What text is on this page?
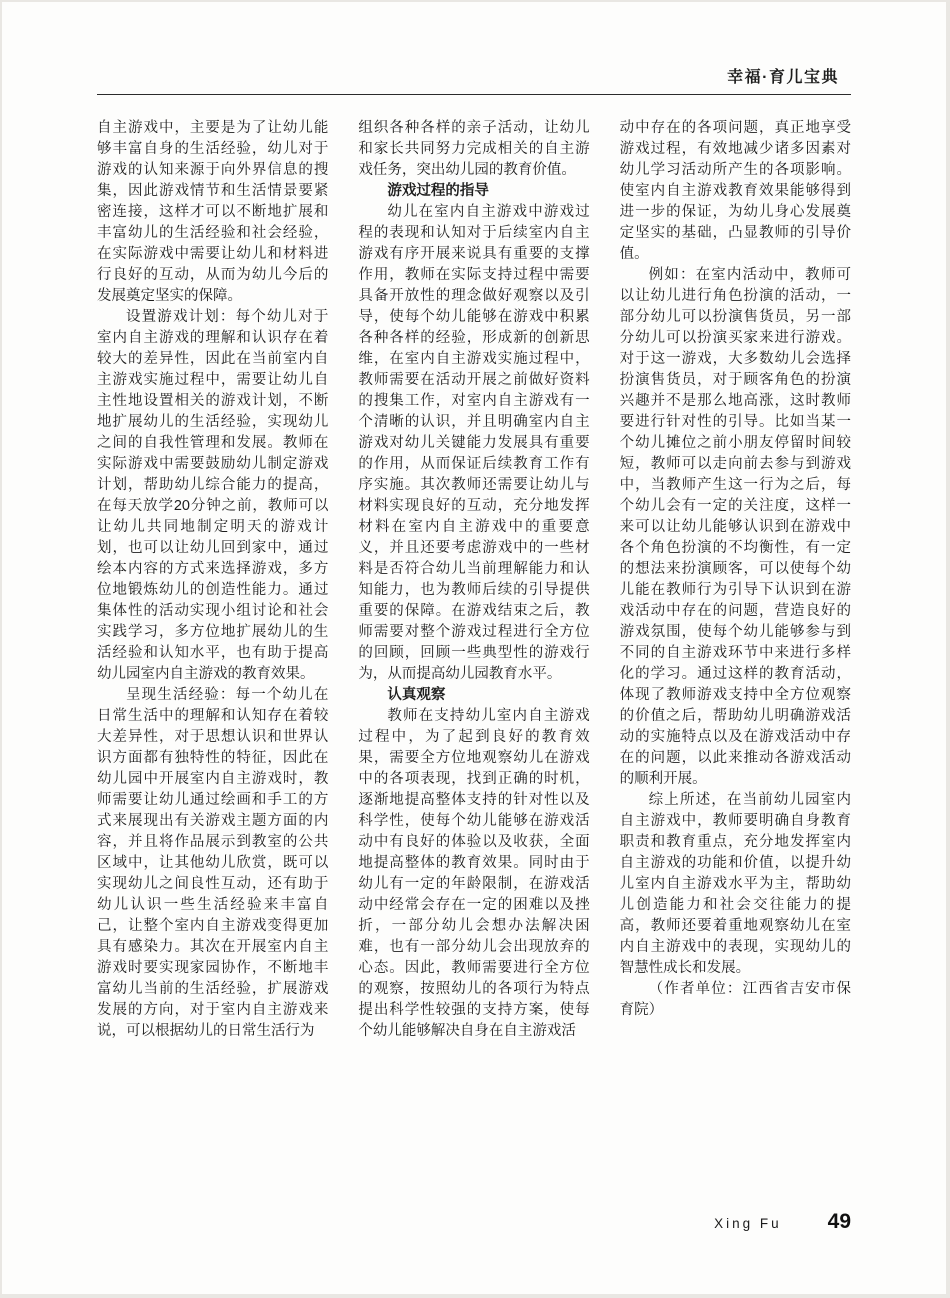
幸福·育儿宝典

自主游戏中，主要是为了让幼儿能够丰富自身的生活经验，幼儿对于游戏的认知来源于向外界信息的搜集，因此游戏情节和生活情景要紧密连接，这样才可以不断地扩展和丰富幼儿的生活经验和社会经验，在实际游戏中需要让幼儿和材料进行良好的互动，从而为幼儿今后的发展奠定坚实的保障。

设置游戏计划：每个幼儿对于室内自主游戏的理解和认识存在着较大的差异性，因此在当前室内自主游戏实施过程中，需要让幼儿自主性地设置相关的游戏计划，不断地扩展幼儿的生活经验，实现幼儿之间的自我性管理和发展。教师在实际游戏中需要鼓励幼儿制定游戏计划，帮助幼儿综合能力的提高，在每天放学20分钟之前，教师可以让幼儿共同地制定明天的游戏计划，也可以让幼儿回到家中，通过绘本内容的方式来选择游戏，多方位地锻炼幼儿的创造性能力。通过集体性的活动实现小组讨论和社会实践学习，多方位地扩展幼儿的生活经验和认知水平，也有助于提高幼儿园室内自主游戏的教育效果。

呈现生活经验：每一个幼儿在日常生活中的理解和认知存在着较大差异性，对于思想认识和世界认识方面都有独特性的特征，因此在幼儿园中开展室内自主游戏时，教师需要让幼儿通过绘画和手工的方式来展现出有关游戏主题方面的内容，并且将作品展示到教室的公共区域中，让其他幼儿欣赏，既可以实现幼儿之间良性互动，还有助于幼儿认识一些生活经验来丰富自己，让整个室内自主游戏变得更加具有感染力。其次在开展室内自主游戏时要实现家园协作，不断地丰富幼儿当前的生活经验，扩展游戏发展的方向，对于室内自主游戏来说，可以根据幼儿的日常生活行为

组织各种各样的亲子活动，让幼儿和家长共同努力完成相关的自主游戏任务，突出幼儿园的教育价值。

游戏过程的指导

幼儿在室内自主游戏中游戏过程的表现和认知对于后续室内自主游戏有序开展来说具有重要的支撑作用，教师在实际支持过程中需要具备开放性的理念做好观察以及引导，使每个幼儿能够在游戏中积累各种各样的经验，形成新的创新思维，在室内自主游戏实施过程中，教师需要在活动开展之前做好资料的搜集工作，对室内自主游戏有一个清晰的认识，并且明确室内自主游戏对幼儿关键能力发展具有重要的作用，从而保证后续教育工作有序实施。其次教师还需要让幼儿与材料实现良好的互动，充分地发挥材料在室内自主游戏中的重要意义，并且还要考虑游戏中的一些材料是否符合幼儿当前理解能力和认知能力，也为教师后续的引导提供重要的保障。在游戏结束之后，教师需要对整个游戏过程进行全方位的回顾，回顾一些典型性的游戏行为，从而提高幼儿园教育水平。

认真观察

教师在支持幼儿室内自主游戏过程中，为了起到良好的教育效果，需要全方位地观察幼儿在游戏中的各项表现，找到正确的时机，逐渐地提高整体支持的针对性以及科学性，使每个幼儿能够在游戏活动中有良好的体验以及收获，全面地提高整体的教育效果。同时由于幼儿有一定的年龄限制，在游戏活动中经常会存在一定的困难以及挫折，一部分幼儿会想办法解决困难，也有一部分幼儿会出现放弃的心态。因此，教师需要进行全方位的观察，按照幼儿的各项行为特点提出科学性较强的支持方案，使每个幼儿能够解决自身在自主游戏活

动中存在的各项问题，真正地享受游戏过程，有效地减少诸多因素对幼儿学习活动所产生的各项影响。使室内自主游戏教育效果能够得到进一步的保证，为幼儿身心发展奠定坚实的基础，凸显教师的引导价值。

例如：在室内活动中，教师可以让幼儿进行角色扮演的活动，一部分幼儿可以扮演售货员，另一部分幼儿可以扮演买家来进行游戏。对于这一游戏，大多数幼儿会选择扮演售货员，对于顾客角色的扮演兴趣并不是那么地高涨，这时教师要进行针对性的引导。比如当某一个幼儿摊位之前小朋友停留时间较短，教师可以走向前去参与到游戏中，当教师产生这一行为之后，每个幼儿会有一定的关注度，这样一来可以让幼儿能够认识到在游戏中各个角色扮演的不均衡性，有一定的想法来扮演顾客，可以使每个幼儿能在教师行为引导下认识到在游戏活动中存在的问题，营造良好的游戏氛围，使每个幼儿能够参与到不同的自主游戏环节中来进行多样化的学习。通过这样的教育活动，体现了教师游戏支持中全方位观察的价值之后，帮助幼儿明确游戏活动的实施特点以及在游戏活动中存在的问题，以此来推动各游戏活动的顺利开展。

综上所述，在当前幼儿园室内自主游戏中，教师要明确自身教育职责和教育重点，充分地发挥室内自主游戏的功能和价值，以提升幼儿室内自主游戏水平为主，帮助幼儿创造能力和社会交往能力的提高，教师还要着重地观察幼儿在室内自主游戏中的表现，实现幼儿的智慧性成长和发展。

（作者单位：江西省吉安市保育院）

Xing Fu 49
